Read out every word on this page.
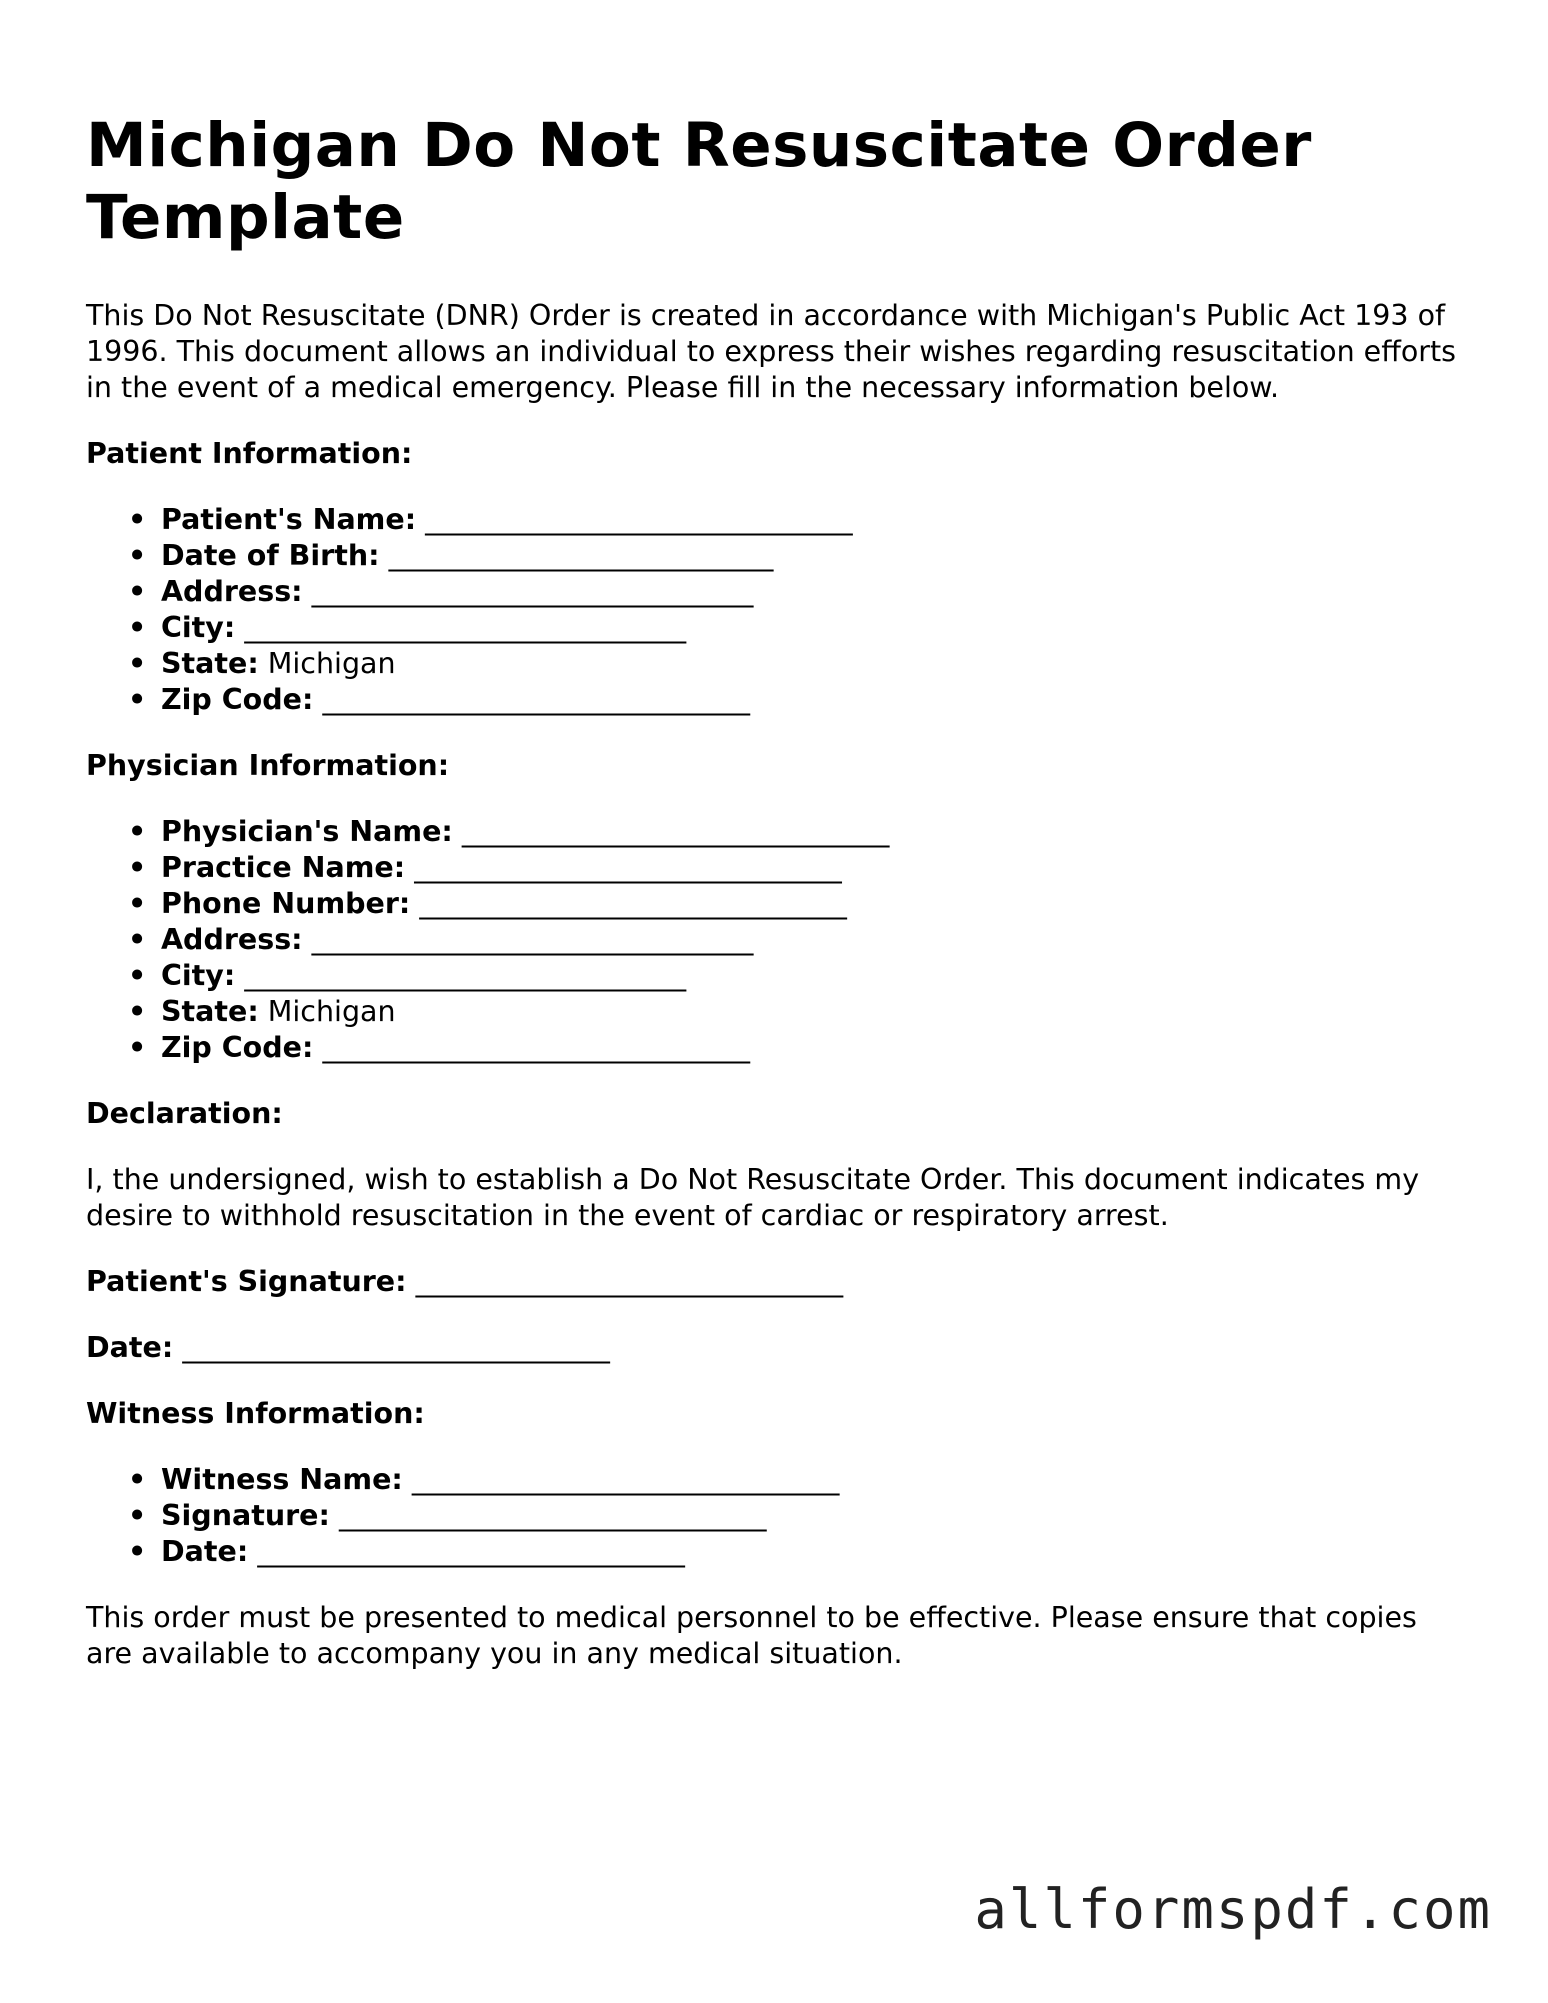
Michigan Do Not Resuscitate Order Template

This Do Not Resuscitate (DNR) Order is created in accordance with Michigan's Public Act 193 of 1996. This document allows an individual to express their wishes regarding resuscitation efforts in the event of a medical emergency. Please fill in the necessary information below.

Patient Information:
• Patient's Name: ______________________________
• Date of Birth: ___________________________
• Address: _______________________________
• City: _______________________________
• State: Michigan
• Zip Code: ______________________________
Physician Information:
• Physician's Name: ______________________________
• Practice Name: ______________________________
• Phone Number: ______________________________
• Address: _______________________________
• City: _______________________________
• State: Michigan
• Zip Code: ______________________________
Declaration:

I, the undersigned, wish to establish a Do Not Resuscitate Order. This document indicates my desire to withhold resuscitation in the event of cardiac or respiratory arrest.

Patient's Signature: ______________________________
Date: ______________________________
Witness Information:
• Witness Name: ______________________________
• Signature: ______________________________
• Date: ______________________________

This order must be presented to medical personnel to be effective. Please ensure that copies are available to accompany you in any medical situation.

allformspdf.com
